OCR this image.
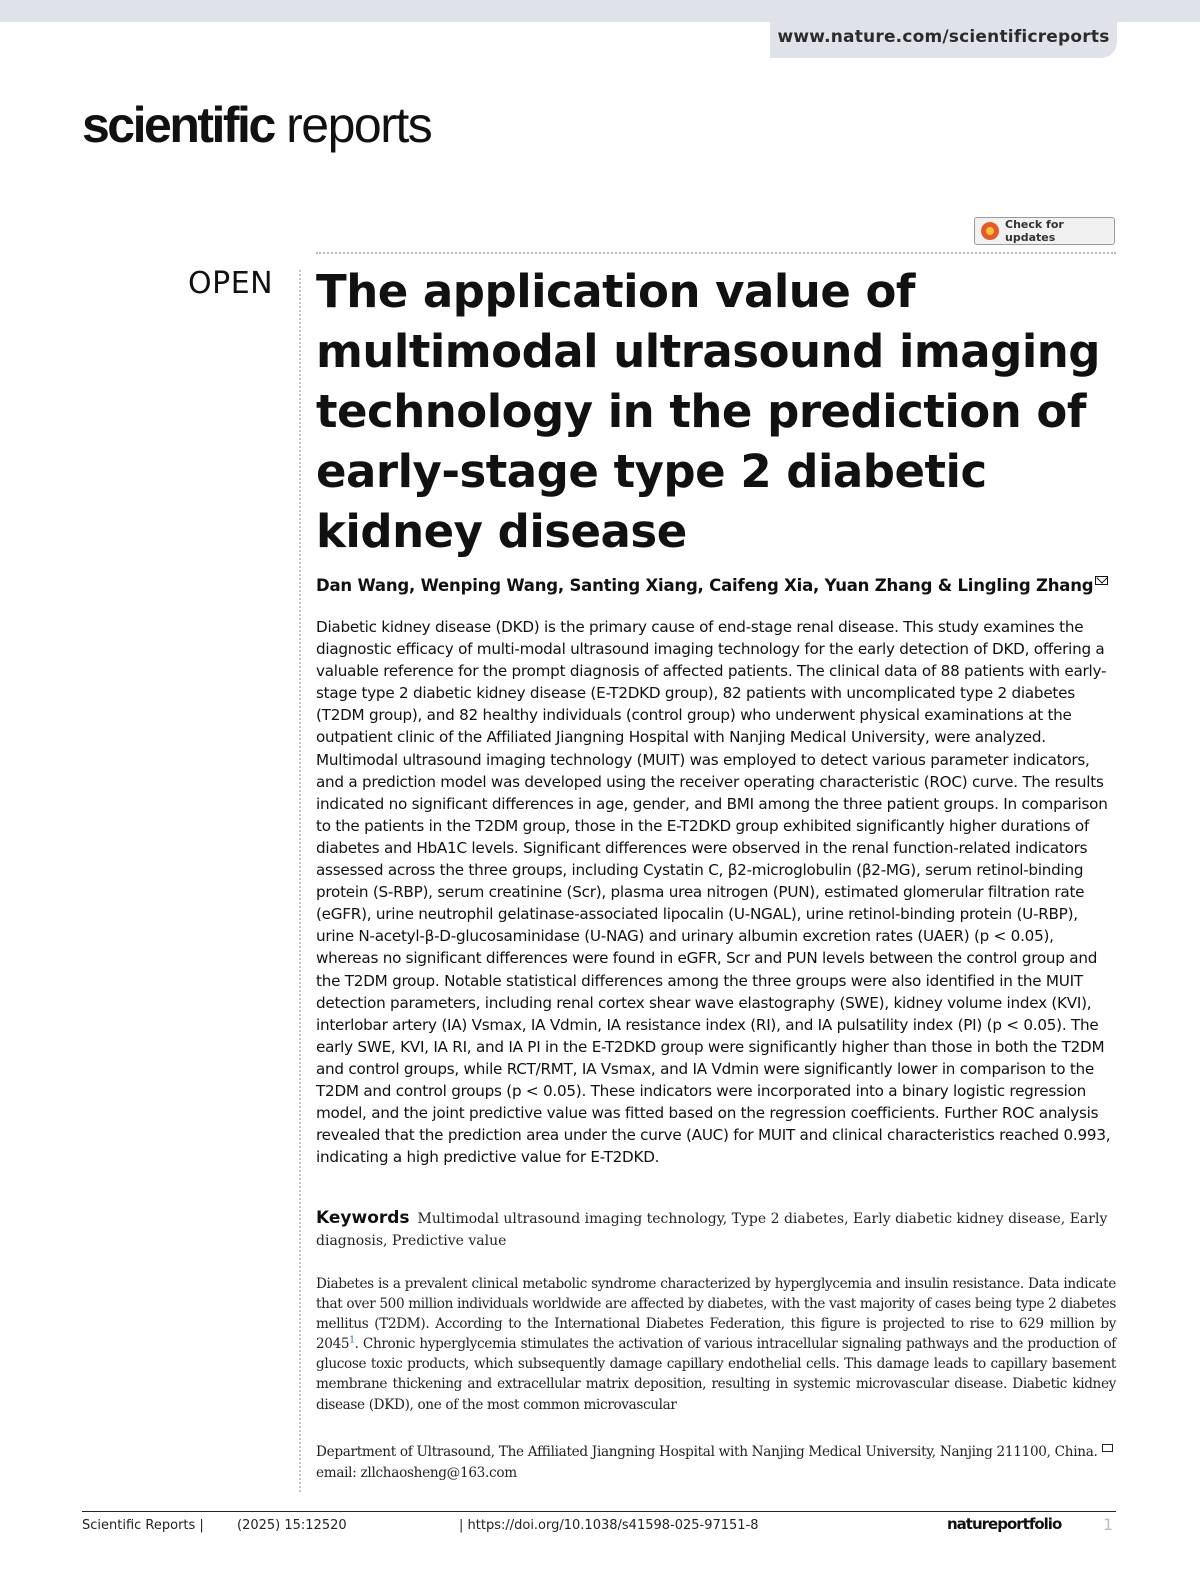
www.nature.com/scientificreports
scientific reports
Check for updates
OPEN The application value of multimodal ultrasound imaging technology in the prediction of early-stage type 2 diabetic kidney disease
Dan Wang, Wenping Wang, Santing Xiang, Caifeng Xia, Yuan Zhang & Lingling Zhang

Diabetic kidney disease (DKD) is the primary cause of end-stage renal disease. This study examines the diagnostic efficacy of multi-modal ultrasound imaging technology for the early detection of DKD, offering a valuable reference for the prompt diagnosis of affected patients. The clinical data of 88 patients with early-stage type 2 diabetic kidney disease (E-T2DKD group), 82 patients with uncomplicated type 2 diabetes (T2DM group), and 82 healthy individuals (control group) who underwent physical examinations at the outpatient clinic of the Affiliated Jiangning Hospital with Nanjing Medical University, were analyzed. Multimodal ultrasound imaging technology (MUIT) was employed to detect various parameter indicators, and a prediction model was developed using the receiver operating characteristic (ROC) curve. The results indicated no significant differences in age, gender, and BMI among the three patient groups. In comparison to the patients in the T2DM group, those in the E-T2DKD group exhibited significantly higher durations of diabetes and HbA1C levels. Significant differences were observed in the renal function-related indicators assessed across the three groups, including Cystatin C, β2-microglobulin (β2-MG), serum retinol-binding protein (S-RBP), serum creatinine (Scr), plasma urea nitrogen (PUN), estimated glomerular filtration rate (eGFR), urine neutrophil gelatinase-associated lipocalin (U-NGAL), urine retinol-binding protein (U-RBP), urine N-acetyl-β-D-glucosaminidase (U-NAG) and urinary albumin excretion rates (UAER) (p < 0.05), whereas no significant differences were found in eGFR, Scr and PUN levels between the control group and the T2DM group. Notable statistical differences among the three groups were also identified in the MUIT detection parameters, including renal cortex shear wave elastography (SWE), kidney volume index (KVI), interlobar artery (IA) Vsmax, IA Vdmin, IA resistance index (RI), and IA pulsatility index (PI) (p < 0.05). The early SWE, KVI, IA RI, and IA PI in the E-T2DKD group were significantly higher than those in both the T2DM and control groups, while RCT/RMT, IA Vsmax, and IA Vdmin were significantly lower in comparison to the T2DM and control groups (p < 0.05). These indicators were incorporated into a binary logistic regression model, and the joint predictive value was fitted based on the regression coefficients. Further ROC analysis revealed that the prediction area under the curve (AUC) for MUIT and clinical characteristics reached 0.993, indicating a high predictive value for E-T2DKD.

Keywords Multimodal ultrasound imaging technology, Type 2 diabetes, Early diabetic kidney disease, Early diagnosis, Predictive value

Diabetes is a prevalent clinical metabolic syndrome characterized by hyperglycemia and insulin resistance. Data indicate that over 500 million individuals worldwide are affected by diabetes, with the vast majority of cases being type 2 diabetes mellitus (T2DM). According to the International Diabetes Federation, this figure is projected to rise to 629 million by 2045$^1$. Chronic hyperglycemia stimulates the activation of various intracellular signaling pathways and the production of glucose toxic products, which subsequently damage capillary endothelial cells. This damage leads to capillary basement membrane thickening and extracellular matrix deposition, resulting in systemic microvascular disease. Diabetic kidney disease (DKD), one of the most common microvascular

Department of Ultrasound, The Affiliated Jiangning Hospital with Nanjing Medical University, Nanjing 211100, China. email: zllchaosheng@163.com

Scientific Reports |	(2025) 15:12520	| https://doi.org/10.1038/s41598-025-97151-8	natureportfolio	1
